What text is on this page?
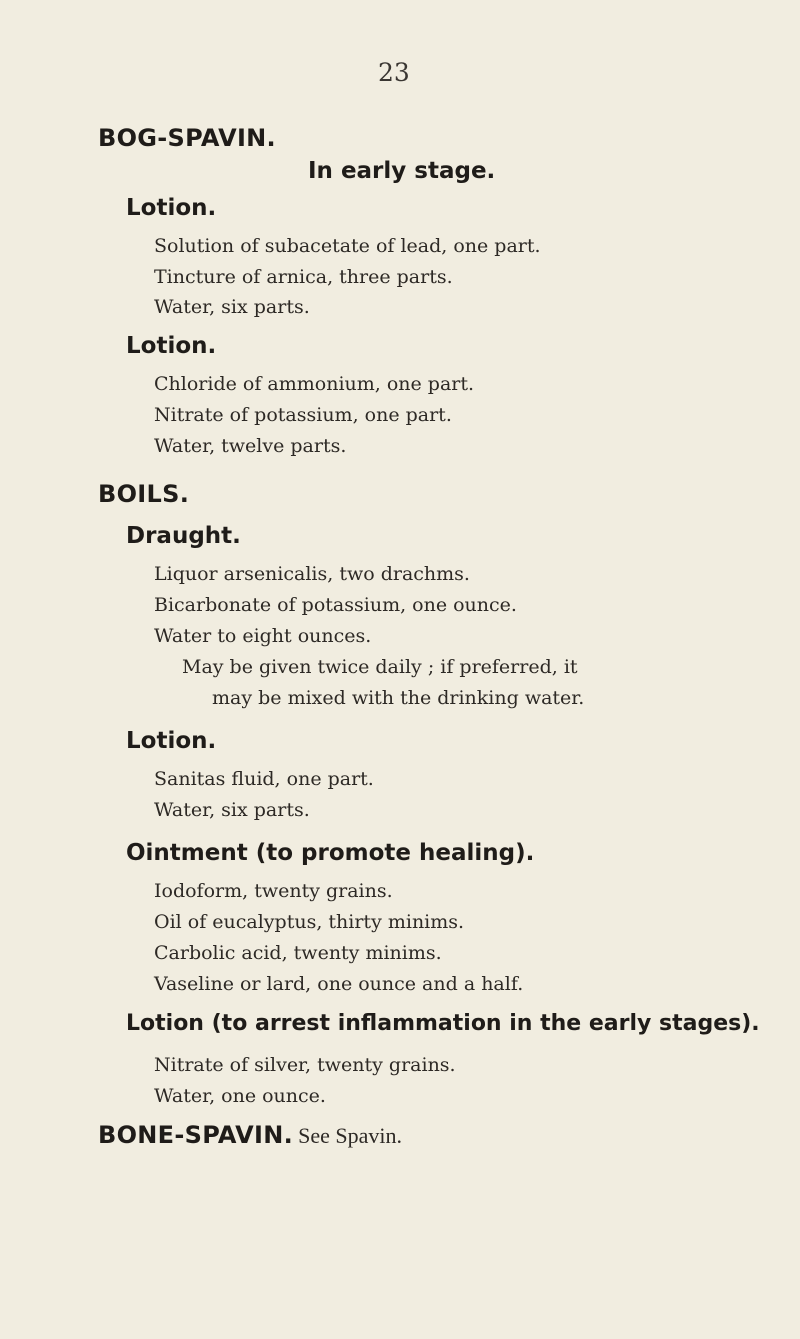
23
BOG-SPAVIN.
In early stage.
Lotion.
Solution of subacetate of lead, one part.
Tincture of arnica, three parts.
Water, six parts.
Lotion.
Chloride of ammonium, one part.
Nitrate of potassium, one part.
Water, twelve parts.
BOILS.
Draught.
Liquor arsenicalis, two drachms.
Bicarbonate of potassium, one ounce.
Water to eight ounces.
May be given twice daily ; if preferred, it
may be mixed with the drinking water.
Lotion.
Sanitas fluid, one part.
Water, six parts.
Ointment (to promote healing).
Iodoform, twenty grains.
Oil of eucalyptus, thirty minims.
Carbolic acid, twenty minims.
Vaseline or lard, one ounce and a half.
Lotion (to arrest inflammation in the early stages).
Nitrate of silver, twenty grains.
Water, one ounce.
BONE-SPAVIN. See Spavin.
